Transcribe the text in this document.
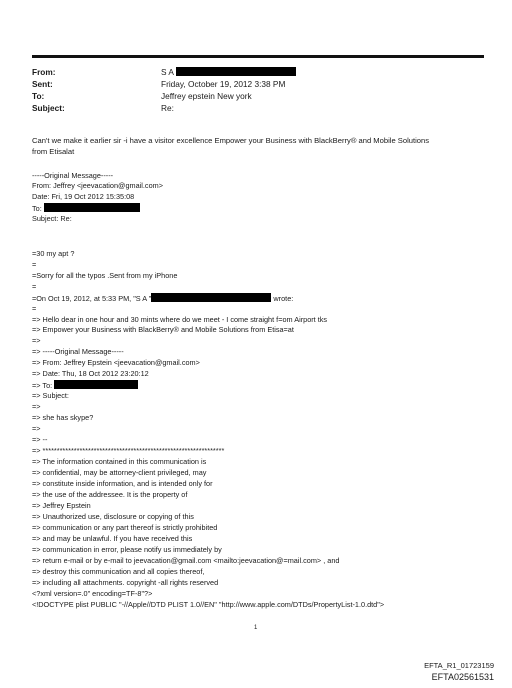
From:	S A
Sent:	Friday, October 19, 2012 3:38 PM
To:	Jeffrey epstein New york
Subject:	Re:
Can't we make it earlier sir -i have a visitor excellence Empower your Business with BlackBerry® and Mobile Solutions
from Etisalat
-----Original Message-----
From: Jeffrey <jeevacation@gmail.com>
Date: Fri, 19 Oct 2012 15:35:08
To:
Subject: Re:
=30 my apt ?
=
=Sorry for all the typos .Sent from my iPhone
=
=On Oct 19, 2012, at 5:33 PM, "S A "	wrote:
=
=> Hello dear in one hour and 30 mints where do we meet - I come straight f=om Airport tks
=> Empower your Business with BlackBerry® and Mobile Solutions from Etisa=at
=>
=> -----Original Message-----
=> From: Jeffrey Epstein <jeevacation@gmail.com>
=> Date: Thu, 18 Oct 2012 23:20:12
=> To:
=> Subject:
=>
=> she has skype?
=>
=> --
=> ****************************************************************
=> The information contained in this communication is
=> confidential, may be attorney-client privileged, may
=> constitute inside information, and is intended only for
=> the use of the addressee. It is the property of
=> Jeffrey Epstein
=> Unauthorized use, disclosure or copying of this
=> communication or any part thereof is strictly prohibited
=> and may be unlawful. If you have received this
=> communication in error, please notify us immediately by
=> return e-mail or by e-mail to jeevacation@gmail.com <mailto:jeevacation@=mail.com> , and
=> destroy this communication and all copies thereof,
=> including all attachments. copyright -all rights reserved
<?xml version=.0" encoding=TF-8"?>
<!DOCTYPE plist PUBLIC "-//Apple//DTD PLIST 1.0//EN" "http://www.apple.com/DTDs/PropertyList-1.0.dtd">
1
EFTA_R1_01723159
EFTA02561531
